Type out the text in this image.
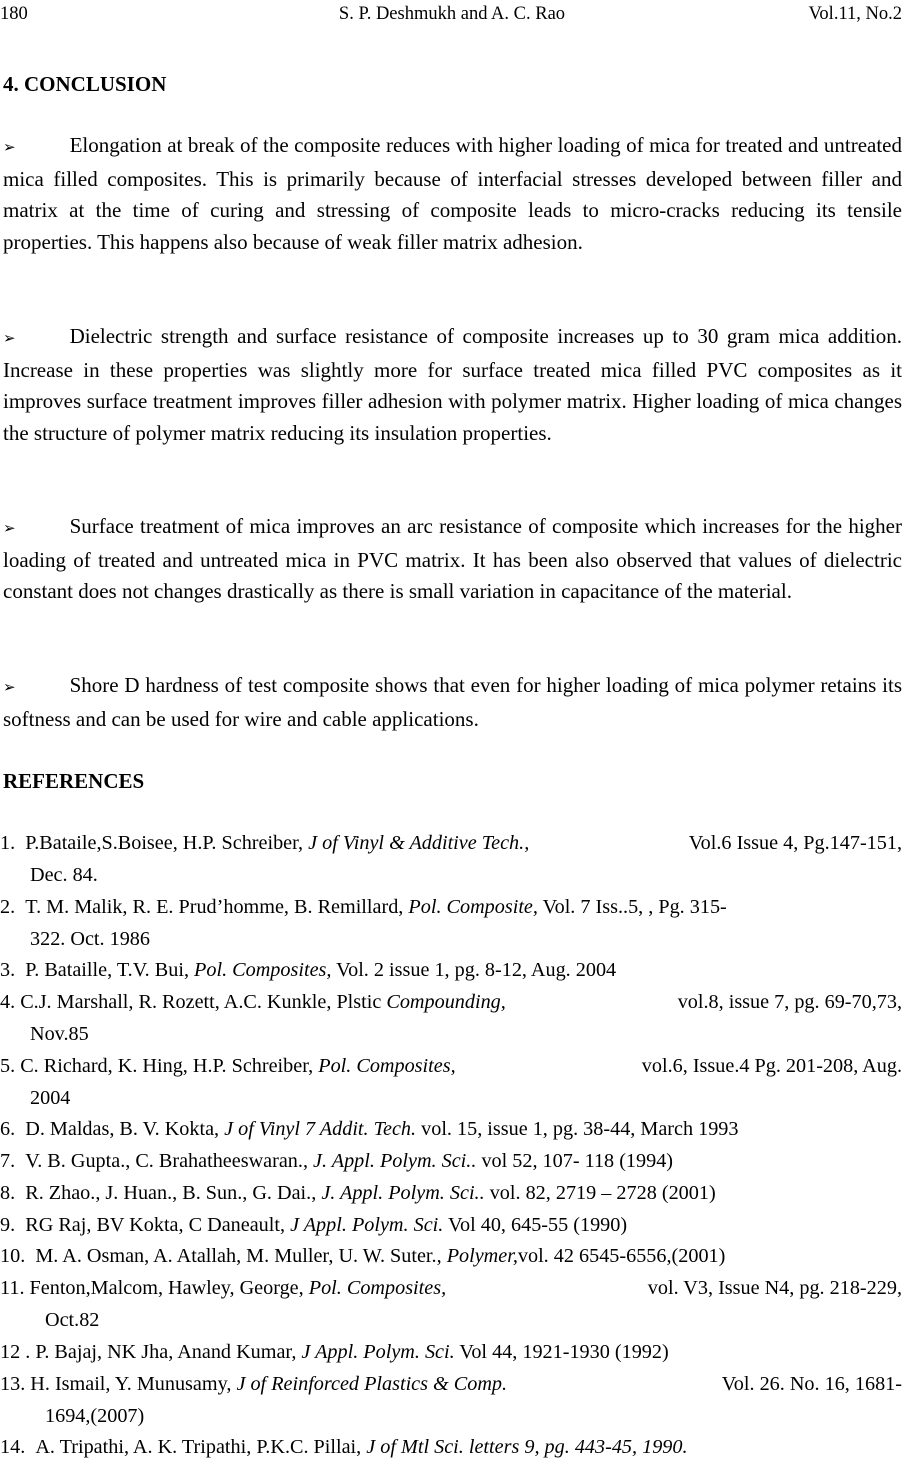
180	S. P. Deshmukh and A. C. Rao	Vol.11, No.2
4. CONCLUSION

➢	Elongation at break of the composite reduces with higher loading of mica for treated and untreated mica filled composites. This is primarily because of interfacial stresses developed between filler and matrix at the time of curing and stressing of composite leads to micro-cracks reducing its tensile properties. This happens also because of weak filler matrix adhesion.

➢	Dielectric strength and surface resistance of composite increases up to 30 gram mica addition. Increase in these properties was slightly more for surface treated mica filled PVC composites as it improves surface treatment improves filler adhesion with polymer matrix. Higher loading of mica changes the structure of polymer matrix reducing its insulation properties.

➢	Surface treatment of mica improves an arc resistance of composite which increases for the higher loading of treated and untreated mica in PVC matrix. It has been also observed that values of dielectric constant does not changes drastically as there is small variation in capacitance of the material.

➢	Shore D hardness of test composite shows that even for higher loading of mica polymer retains its softness and can be used for wire and cable applications.

REFERENCES
1. P.Bataile,S.Boisee, H.P. Schreiber, J of Vinyl & Additive Tech.,	Vol.6 Issue 4, Pg.147-151,
Dec. 84.
2. T. M. Malik, R. E. Prud’homme, B. Remillard, Pol. Composite, Vol. 7 Iss..5, , Pg. 315-
322. Oct. 1986
3. P. Bataille, T.V. Bui, Pol. Composites, Vol. 2 issue 1, pg. 8-12, Aug. 2004
4. C.J. Marshall, R. Rozett, A.C. Kunkle, Plstic Compounding,	vol.8, issue 7, pg. 69-70,73,
Nov.85
5. C. Richard, K. Hing, H.P. Schreiber, Pol. Composites,	vol.6, Issue.4 Pg. 201-208, Aug.
2004
6. D. Maldas, B. V. Kokta, J of Vinyl 7 Addit. Tech. vol. 15, issue 1, pg. 38-44, March 1993
7. V. B. Gupta., C. Brahatheeswaran., J. Appl. Polym. Sci.. vol 52, 107- 118 (1994)
8. R. Zhao., J. Huan., B. Sun., G. Dai., J. Appl. Polym. Sci.. vol. 82, 2719 – 2728 (2001)
9. RG Raj, BV Kokta, C Daneault, J Appl. Polym. Sci. Vol 40, 645-55 (1990)
10. M. A. Osman, A. Atallah, M. Muller, U. W. Suter., Polymer,vol. 42 6545-6556,(2001)
11. Fenton,Malcom, Hawley, George, Pol. Composites,	vol. V3, Issue N4, pg. 218-229,
Oct.82
12 . P. Bajaj, NK Jha, Anand Kumar, J Appl. Polym. Sci. Vol 44, 1921-1930 (1992)
13. H. Ismail, Y. Munusamy, J of Reinforced Plastics & Comp.	Vol. 26. No. 16, 1681-
1694,(2007)
14. A. Tripathi, A. K. Tripathi, P.K.C. Pillai, J of Mtl Sci. letters 9, pg. 443-45, 1990.
